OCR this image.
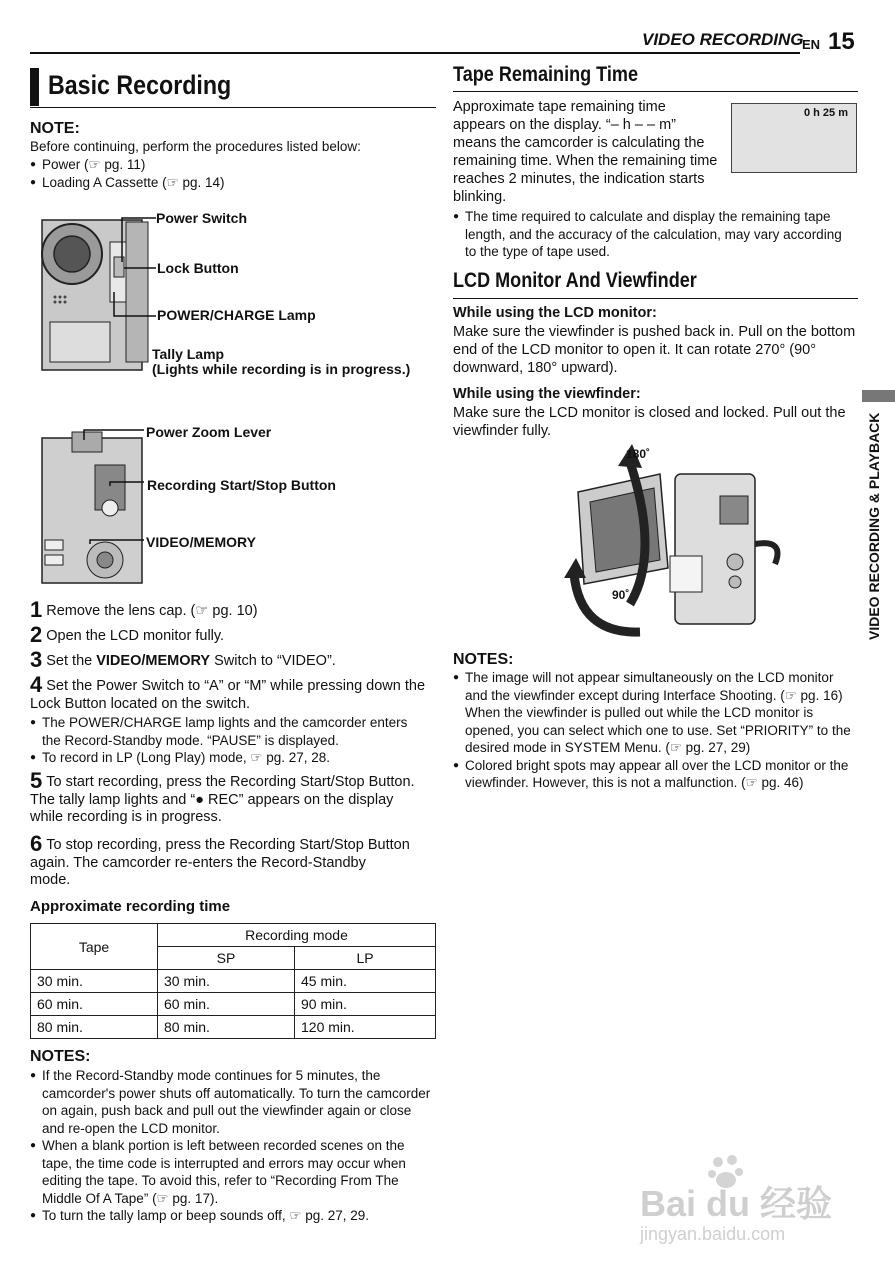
VIDEO RECORDING
EN 15
Basic Recording
NOTE:
Before continuing, perform the procedures listed below:
● Power (☞ pg. 11)
● Loading A Cassette (☞ pg. 14)
Power Switch
Lock Button
POWER/CHARGE Lamp
Tally Lamp
(Lights while recording is in progress.)
Power Zoom Lever
Recording Start/Stop Button
VIDEO/MEMORY
1 Remove the lens cap. (☞ pg. 10)
2 Open the LCD monitor fully.
3 Set the VIDEO/MEMORY Switch to “VIDEO”.
4 Set the Power Switch to “A” or “M” while pressing down the Lock Button located on the switch.
● The POWER/CHARGE lamp lights and the camcorder enters the Record-Standby mode. “PAUSE” is displayed.
● To record in LP (Long Play) mode, ☞ pg. 27, 28.
5 To start recording, press the Recording Start/Stop Button. The tally lamp lights and “● REC” appears on the display while recording is in progress.
6 To stop recording, press the Recording Start/Stop Button again. The camcorder re-enters the Record-Standby mode.
Approximate recording time
Tape	Recording mode	
	SP	LP
30 min.	30 min.	45 min.
60 min.	60 min.	90 min.
80 min.	80 min.	120 min.
NOTES:
● If the Record-Standby mode continues for 5 minutes, the camcorder's power shuts off automatically. To turn the camcorder on again, push back and pull out the viewfinder again or close and re-open the LCD monitor.
● When a blank portion is left between recorded scenes on the tape, the time code is interrupted and errors may occur when editing the tape. To avoid this, refer to “Recording From The Middle Of A Tape” (☞ pg. 17).
● To turn the tally lamp or beep sounds off, ☞ pg. 27, 29.
Tape Remaining Time
Approximate tape remaining time appears on the display. “– h – – m” means the camcorder is calculating the remaining time. When the remaining time reaches 2 minutes, the indication starts blinking.
0 h 25 m
● The time required to calculate and display the remaining tape length, and the accuracy of the calculation, may vary according to the type of tape used.
LCD Monitor And Viewfinder
While using the LCD monitor:
Make sure the viewfinder is pushed back in. Pull on the bottom end of the LCD monitor to open it. It can rotate 270° (90° downward, 180° upward).
While using the viewfinder:
Make sure the LCD monitor is closed and locked. Pull out the viewfinder fully.
180˚
90˚
NOTES:
● The image will not appear simultaneously on the LCD monitor and the viewfinder except during Interface Shooting. (☞ pg. 16) When the viewfinder is pulled out while the LCD monitor is opened, you can select which one to use. Set “PRIORITY” to the desired mode in SYSTEM Menu. (☞ pg. 27, 29)
● Colored bright spots may appear all over the LCD monitor or the viewfinder. However, this is not a malfunction. (☞ pg. 46)
VIDEO RECORDING & PLAYBACK
Bai du 经验
jingyan.baidu.com
